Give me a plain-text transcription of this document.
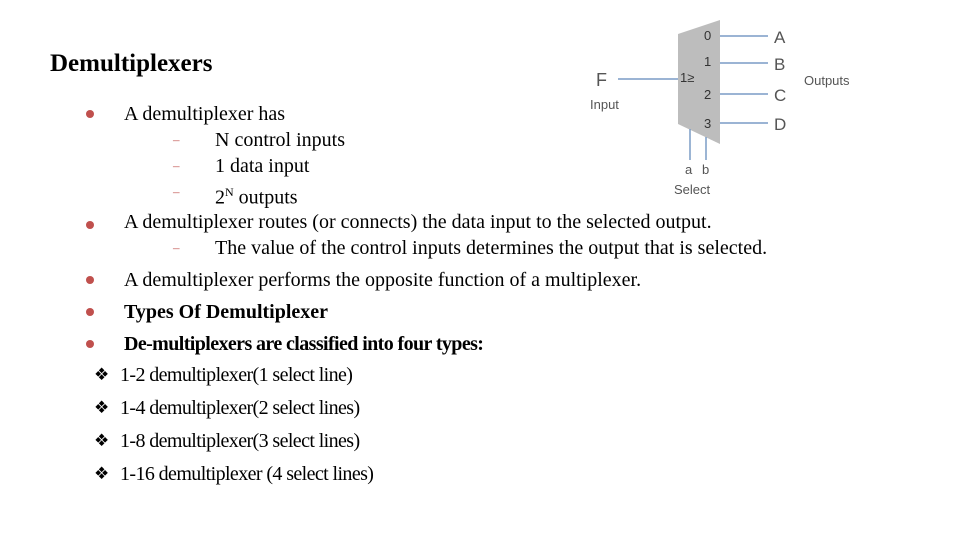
Demultiplexers
A demultiplexer has
– N control inputs
– 1 data input
– $2^N$ outputs
A demultiplexer routes (or connects) the data input to the selected output.
– The value of the control inputs determines the output that is selected.
A demultiplexer performs the opposite function of a multiplexer.
Types Of Demultiplexer
De-multiplexers are classified into four types:
❖ 1-2 demultiplexer(1 select line)
❖ 1-4 demultiplexer(2 select lines)
❖ 1-8 demultiplexer(3 select lines)
❖ 1-16 demultiplexer (4 select lines)
F
Input
1≥
0
1
2
3
A
B
C
D
Outputs
a b
Select
